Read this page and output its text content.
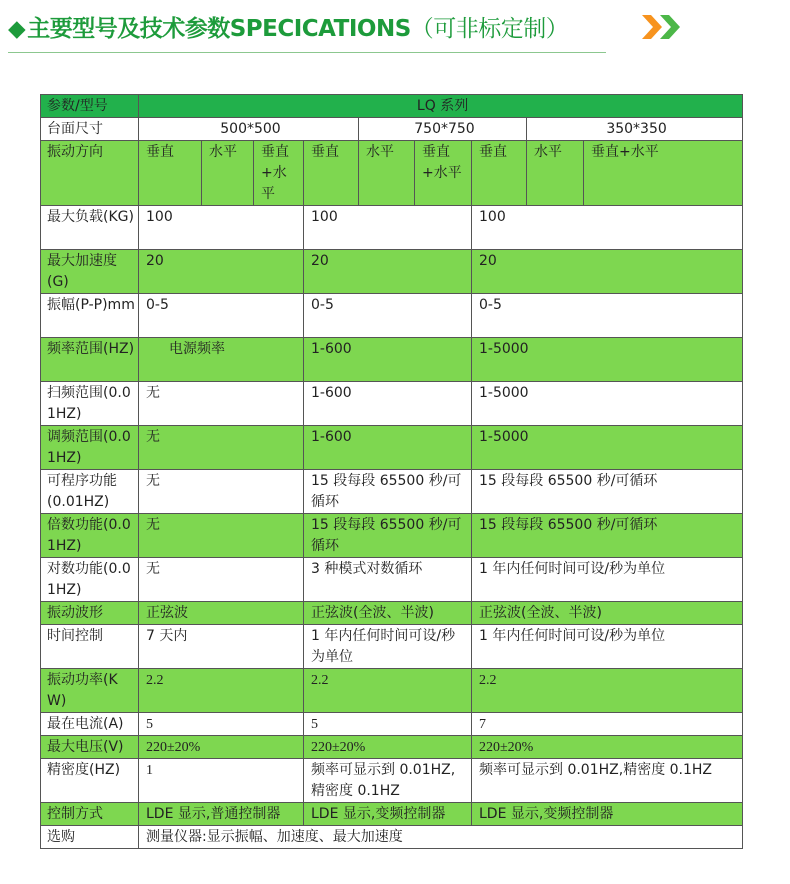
◆主要型号及技术参数SPECICATIONS（可非标定制）
参数/型号	LQ 系列								
台面尺寸	500*500				750*750			350*350	
振动方向	垂直	水平	垂直+水平	垂直	水平	垂直+水平	垂直	水平	垂直+水平
最大负载(KG)	100			100			100		
最大加速度(G)	20			20			20		
振幅(P-P)mm	0-5			0-5			0-5		
频率范围(HZ)	电源频率			1-600			1-5000		
扫频范围(0.01HZ)	无			1-600			1-5000		
调频范围(0.01HZ)	无			1-600			1-5000		
可程序功能(0.01HZ)	无			15 段每段 65500 秒/可循环			15 段每段 65500 秒/可循环		
倍数功能(0.01HZ)	无			15 段每段 65500 秒/可循环			15 段每段 65500 秒/可循环		
对数功能(0.01HZ)	无			3 种模式对数循环			1 年内任何时间可设/秒为单位		
振动波形	正弦波			正弦波(全波、半波)			正弦波(全波、半波)		
时间控制	7 天内			1 年内任何时间可设/秒为单位			1 年内任何时间可设/秒为单位		
振动功率(KW)	2.2			2.2			2.2		
最在电流(A)	5			5			7		
最大电压(V)	220±20%			220±20%			220±20%		
精密度(HZ)	1			频率可显示到 0.01HZ,精密度 0.1HZ			频率可显示到 0.01HZ,精密度 0.1HZ		
控制方式	LDE 显示,普通控制器			LDE 显示,变频控制器			LDE 显示,变频控制器		
选购	测量仪器:显示振幅、加速度、最大加速度								
